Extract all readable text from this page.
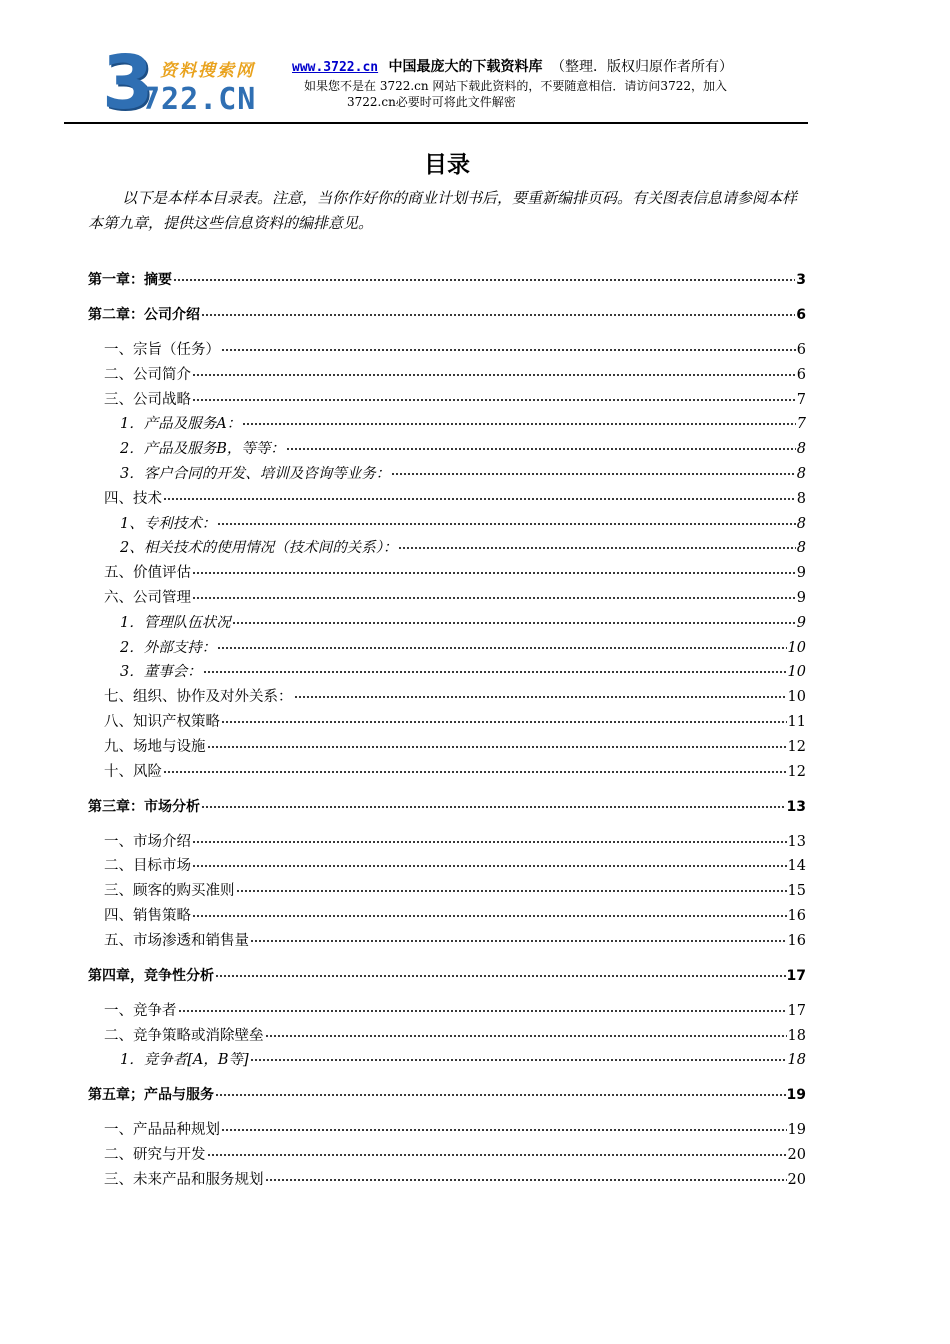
3 资料搜索网
722.CN
www.3722.cn 中国最庞大的下载资料库 （整理．版权归原作者所有）
如果您不是在 3722.cn 网站下载此资料的，不要随意相信．请访问3722，加入
3722.cn必要时可将此文件解密
目录
以下是本样本目录表。注意，当你作好你的商业计划书后，要重新编排页码。有关图表信息请参阅本样本第九章，提供这些信息资料的编排意见。
第一章：摘要	3
第二章：公司介绍	6
一、宗旨（任务）	6
二、公司简介	6
三、公司战略	7
1．产品及服务A：	7
2．产品及服务B，等等：	8
3．客户合同的开发、培训及咨询等业务：	8
四、技术	8
1、专利技术：	8
2、相关技术的使用情况（技术间的关系）：	8
五、价值评估	9
六、公司管理	9
1．管理队伍状况	9
2．外部支持：	10
3．董事会：	10
七、组织、协作及对外关系：	10
八、知识产权策略	11
九、场地与设施	12
十、风险	12
第三章：市场分析	13
一、市场介绍	13
二、目标市场	14
三、顾客的购买准则	15
四、销售策略	16
五、市场渗透和销售量	16
第四章，竞争性分析	17
一、竞争者	17
二、竞争策略或消除壁垒	18
1．竞争者[A，B等]	18
第五章；产品与服务	19
一、产品品种规划	19
二、研究与开发	20
三、未来产品和服务规划	20
